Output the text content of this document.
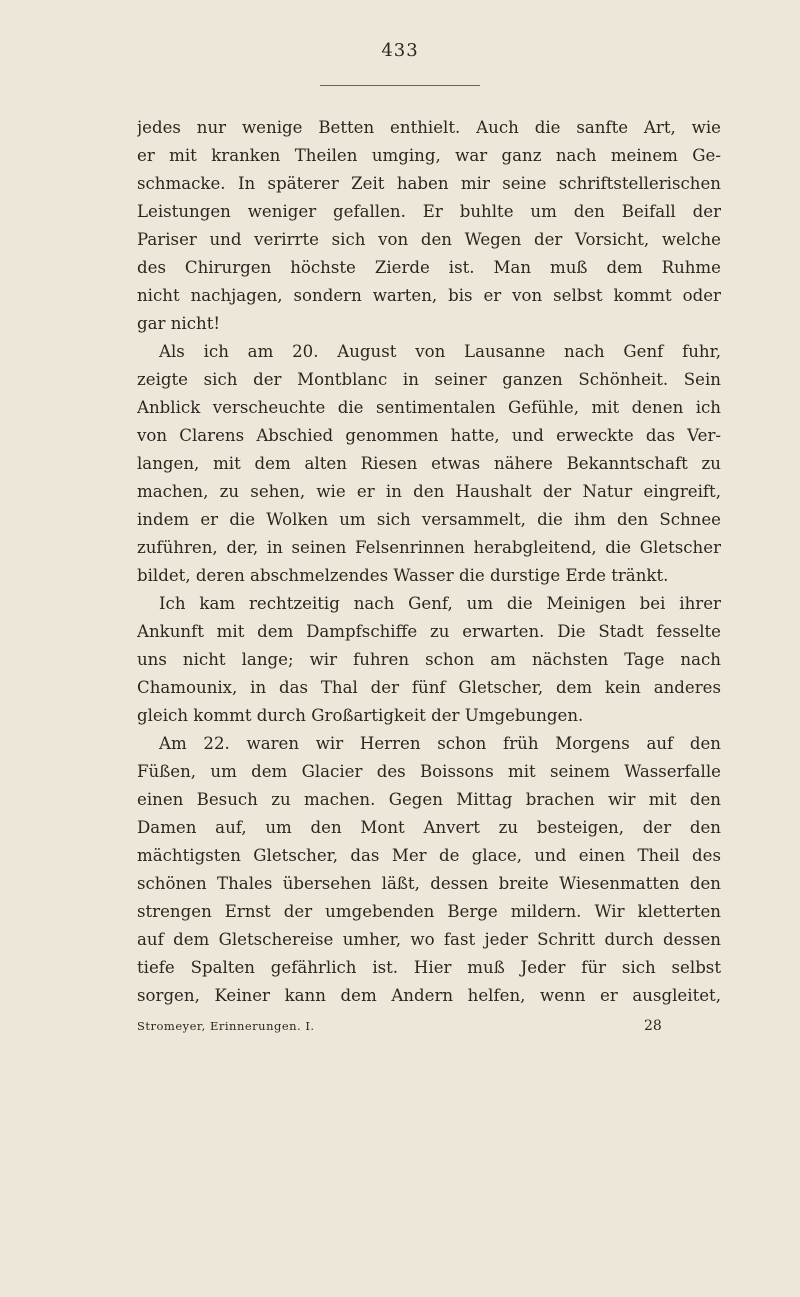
433
jedes nur wenige Betten enthielt. Auch die sanfte Art, wie
er mit kranken Theilen umging, war ganz nach meinem Ge-
schmacke. In späterer Zeit haben mir seine schriftstellerischen
Leistungen weniger gefallen. Er buhlte um den Beifall der
Pariser und verirrte sich von den Wegen der Vorsicht, welche
des Chirurgen höchste Zierde ist. Man muß dem Ruhme
nicht nachjagen, sondern warten, bis er von selbst kommt oder
gar nicht!
Als ich am 20. August von Lausanne nach Genf fuhr,
zeigte sich der Montblanc in seiner ganzen Schönheit. Sein
Anblick verscheuchte die sentimentalen Gefühle, mit denen ich
von Clarens Abschied genommen hatte, und erweckte das Ver-
langen, mit dem alten Riesen etwas nähere Bekanntschaft zu
machen, zu sehen, wie er in den Haushalt der Natur eingreift,
indem er die Wolken um sich versammelt, die ihm den Schnee
zuführen, der, in seinen Felsenrinnen herabgleitend, die Gletscher
bildet, deren abschmelzendes Wasser die durstige Erde tränkt.
Ich kam rechtzeitig nach Genf, um die Meinigen bei ihrer
Ankunft mit dem Dampfschiffe zu erwarten. Die Stadt fesselte
uns nicht lange; wir fuhren schon am nächsten Tage nach
Chamounix, in das Thal der fünf Gletscher, dem kein anderes
gleich kommt durch Großartigkeit der Umgebungen.
Am 22. waren wir Herren schon früh Morgens auf den
Füßen, um dem Glacier des Boissons mit seinem Wasserfalle
einen Besuch zu machen. Gegen Mittag brachen wir mit den
Damen auf, um den Mont Anvert zu besteigen, der den
mächtigsten Gletscher, das Mer de glace, und einen Theil des
schönen Thales übersehen läßt, dessen breite Wiesenmatten den
strengen Ernst der umgebenden Berge mildern. Wir kletterten
auf dem Gletschereise umher, wo fast jeder Schritt durch dessen
tiefe Spalten gefährlich ist. Hier muß Jeder für sich selbst
sorgen, Keiner kann dem Andern helfen, wenn er ausgleitet,
Stromeyer, Erinnerungen. I.	28
